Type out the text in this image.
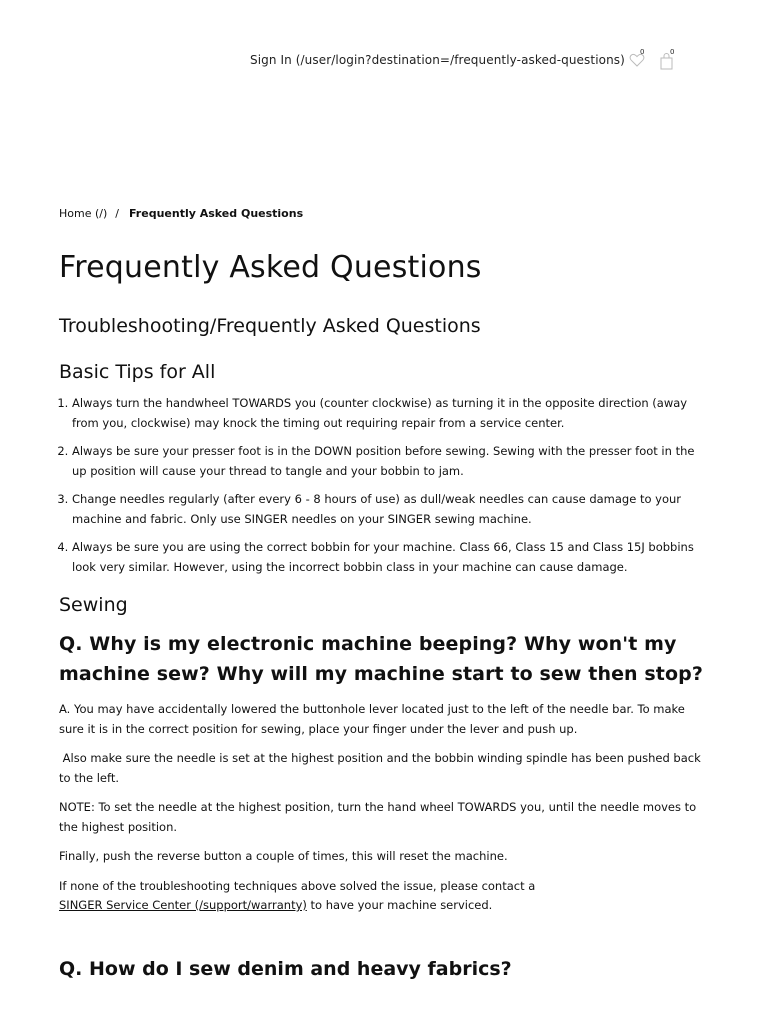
Sign In (/user/login?destination=/frequently-asked-questions)
0	0
Home (/) / Frequently Asked Questions
Frequently Asked Questions
Troubleshooting/Frequently Asked Questions
Basic Tips for All
1. Always turn the handwheel TOWARDS you (counter clockwise) as turning it in the opposite direction (away from you, clockwise) may knock the timing out requiring repair from a service center.
2. Always be sure your presser foot is in the DOWN position before sewing. Sewing with the presser foot in the up position will cause your thread to tangle and your bobbin to jam.
3. Change needles regularly (after every 6 - 8 hours of use) as dull/weak needles can cause damage to your machine and fabric. Only use SINGER needles on your SINGER sewing machine.
4. Always be sure you are using the correct bobbin for your machine. Class 66, Class 15 and Class 15J bobbins look very similar. However, using the incorrect bobbin class in your machine can cause damage.
Sewing
Q. Why is my electronic machine beeping? Why won't my machine sew? Why will my machine start to sew then stop?

A. You may have accidentally lowered the buttonhole lever located just to the left of the needle bar. To make sure it is in the correct position for sewing, place your finger under the lever and push up.

Also make sure the needle is set at the highest position and the bobbin winding spindle has been pushed back to the left.

NOTE: To set the needle at the highest position, turn the hand wheel TOWARDS you, until the needle moves to the highest position.

Finally, push the reverse button a couple of times, this will reset the machine.

If none of the troubleshooting techniques above solved the issue, please contact a
SINGER Service Center (/support/warranty) to have your machine serviced.

Q. How do I sew denim and heavy fabrics?
